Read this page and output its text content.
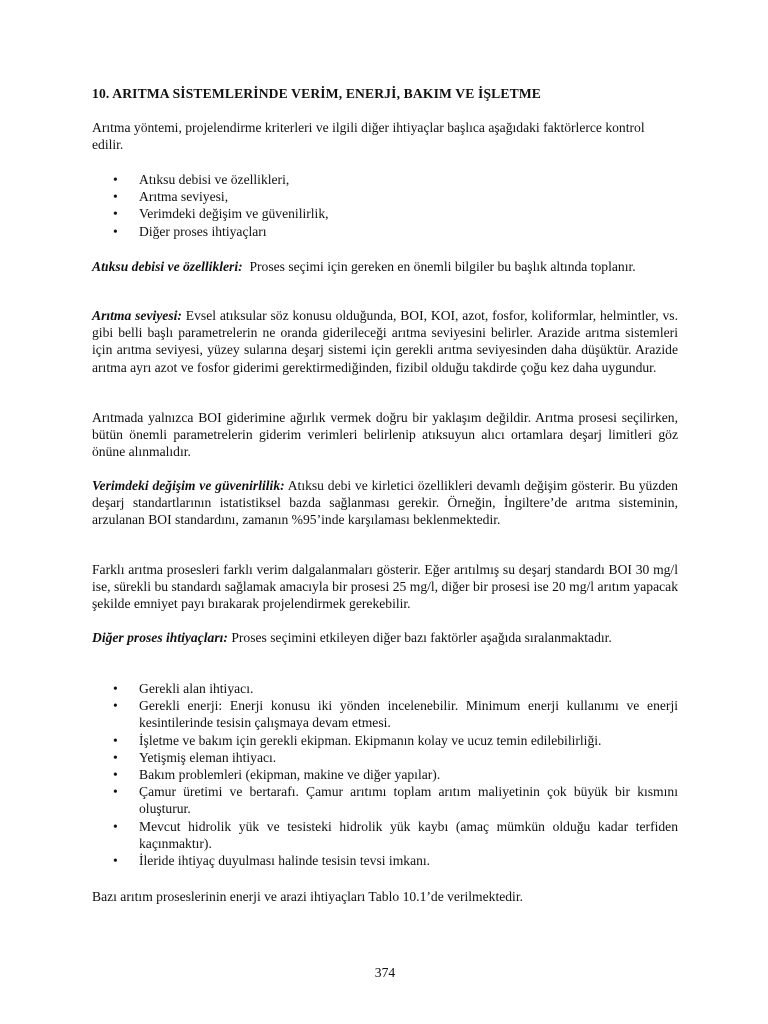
10. ARITMA SİSTEMLERİNDE VERİM, ENERJİ, BAKIM VE İŞLETME

Arıtma yöntemi, projelendirme kriterleri ve ilgili diğer ihtiyaçlar başlıca aşağıdaki faktörlerce kontrol edilir.

Atıksu debisi ve özellikleri,
Arıtma seviyesi,
Verimdeki değişim ve güvenilirlik,
Diğer proses ihtiyaçları

Atıksu debisi ve özellikleri: Proses seçimi için gereken en önemli bilgiler bu başlık altında toplanır.

Arıtma seviyesi: Evsel atıksular söz konusu olduğunda, BOI, KOI, azot, fosfor, koliformlar, helmintler, vs. gibi belli başlı parametrelerin ne oranda giderileceği arıtma seviyesini belirler. Arazide arıtma sistemleri için arıtma seviyesi, yüzey sularına deşarj sistemi için gerekli arıtma seviyesinden daha düşüktür. Arazide arıtma ayrı azot ve fosfor giderimi gerektirmediğinden, fizibil olduğu takdirde çoğu kez daha uygundur.

Arıtmada yalnızca BOI giderimine ağırlık vermek doğru bir yaklaşım değildir. Arıtma prosesi seçilirken, bütün önemli parametrelerin giderim verimleri belirlenip atıksuyun alıcı ortamlara deşarj limitleri göz önüne alınmalıdır.

Verimdeki değişim ve güvenirlilik: Atıksu debi ve kirletici özellikleri devamlı değişim gösterir. Bu yüzden deşarj standartlarının istatistiksel bazda sağlanması gerekir. Örneğin, İngiltere’de arıtma sisteminin, arzulanan BOI standardını, zamanın %95’inde karşılaması beklenmektedir.

Farklı arıtma prosesleri farklı verim dalgalanmaları gösterir. Eğer arıtılmış su deşarj standardı BOI 30 mg/l ise, sürekli bu standardı sağlamak amacıyla bir prosesi 25 mg/l, diğer bir prosesi ise 20 mg/l arıtım yapacak şekilde emniyet payı bırakarak projelendirmek gerekebilir.

Diğer proses ihtiyaçları: Proses seçimini etkileyen diğer bazı faktörler aşağıda sıralanmaktadır.

Gerekli alan ihtiyacı.
Gerekli enerji: Enerji konusu iki yönden incelenebilir. Minimum enerji kullanımı ve enerji kesintilerinde tesisin çalışmaya devam etmesi.
İşletme ve bakım için gerekli ekipman. Ekipmanın kolay ve ucuz temin edilebilirliği.
Yetişmiş eleman ihtiyacı.
Bakım problemleri (ekipman, makine ve diğer yapılar).
Çamur üretimi ve bertarafı. Çamur arıtımı toplam arıtım maliyetinin çok büyük bir kısmını oluşturur.
Mevcut hidrolik yük ve tesisteki hidrolik yük kaybı (amaç mümkün olduğu kadar terfiden kaçınmaktır).
İleride ihtiyaç duyulması halinde tesisin tevsi imkanı.

Bazı arıtım proseslerinin enerji ve arazi ihtiyaçları Tablo 10.1’de verilmektedir.

374
